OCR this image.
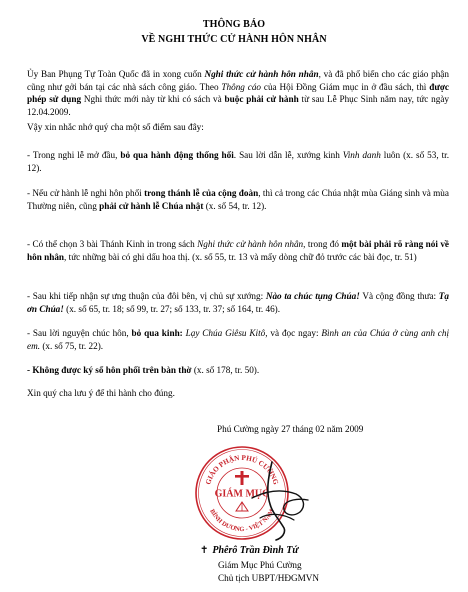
THÔNG BÁO
VỀ NGHI THỨC CỬ HÀNH HÔN NHÂN
Ủy Ban Phụng Tự Toàn Quốc đã in xong cuốn Nghi thức cử hành hôn nhân, và đã phổ biến cho các giáo phận cũng như gởi bán tại các nhà sách công giáo. Theo Thông cáo của Hội Đồng Giám mục in ở đầu sách, thì được phép sử dụng Nghi thức mới này từ khi có sách và buộc phải cử hành từ sau Lễ Phục Sinh năm nay, tức ngày 12.04.2009.
Vậy xin nhắc nhớ quý cha một số điểm sau đây:
- Trong nghi lễ mở đầu, bỏ qua hành động thống hối. Sau lời dẫn lễ, xướng kinh Vinh danh luôn (x. số 53, tr. 12).
- Nếu cử hành lễ nghi hôn phối trong thánh lễ của cộng đoàn, thì cả trong các Chúa nhật mùa Giáng sinh và mùa Thường niên, cũng phải cử hành lễ Chúa nhật (x. số 54, tr. 12).
- Có thể chọn 3 bài Thánh Kinh in trong sách Nghi thức cử hành hôn nhân, trong đó một bài phải rõ ràng nói về hôn nhân, tức những bài có ghi dấu hoa thị. (x. số 55, tr. 13 và mấy dòng chữ đỏ trước các bài đọc, tr. 51)
- Sau khi tiếp nhận sự ưng thuận của đôi bên, vị chủ sự xướng: Nào ta chúc tụng Chúa! Và cộng đồng thưa: Tạ ơn Chúa! (x. số 65, tr. 18; số 99, tr. 27; số 133, tr. 37; số 164, tr. 46).
- Sau lời nguyện chúc hôn, bỏ qua kinh: Lạy Chúa Giêsu Kitô, và đọc ngay: Bình an của Chúa ở cùng anh chị em. (x. số 75, tr. 22).
- Không được ký sổ hôn phối trên bàn thờ (x. số 178, tr. 50).
Xin quý cha lưu ý để thi hành cho đúng.
Phú Cường ngày 27 tháng 02 năm 2009
GIÁO PHẬN PHÚ CƯỜNG
BÌNH DƯƠNG - VIỆT NAM
GIÁM MỤC
✝ Phêrô Trần Đình Tứ
Giám Mục Phú Cường
Chủ tịch UBPT/HĐGMVN
